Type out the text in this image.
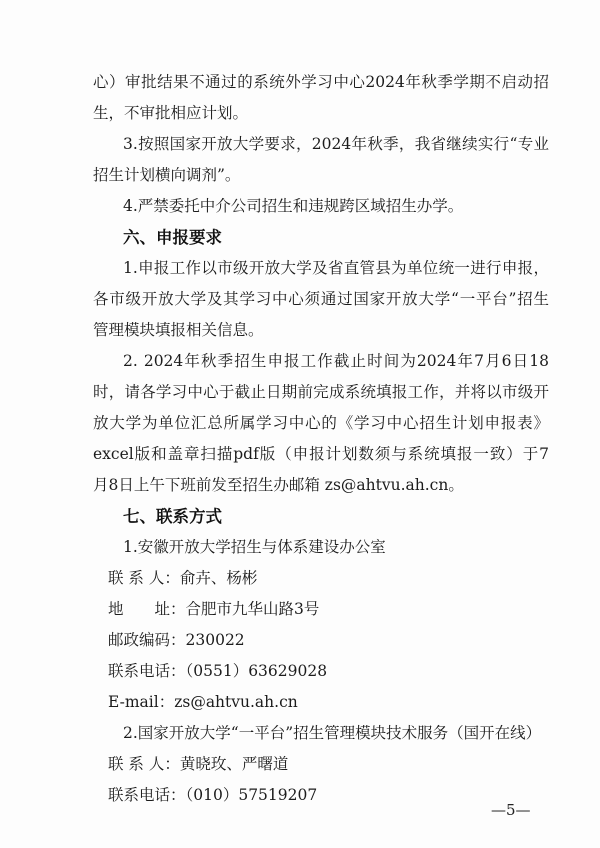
心）审批结果不通过的系统外学习中心2024年秋季学期不启动招
生，不审批相应计划。
3.按照国家开放大学要求，2024年秋季，我省继续实行“专业
招生计划横向调剂”。
4.严禁委托中介公司招生和违规跨区域招生办学。
六、申报要求
1.申报工作以市级开放大学及省直管县为单位统一进行申报，
各市级开放大学及其学习中心须通过国家开放大学“一平台”招生
管理模块填报相关信息。
2. 2024年秋季招生申报工作截止时间为2024年7月6日18
时，请各学习中心于截止日期前完成系统填报工作，并将以市级开
放大学为单位汇总所属学习中心的《学习中心招生计划申报表》
excel版和盖章扫描pdf版（申报计划数须与系统填报一致）于7
月8日上午下班前发至招生办邮箱 zs@ahtvu.ah.cn。
七、联系方式
1.安徽开放大学招生与体系建设办公室
联 系 人：俞卉、杨彬
地　　址：合肥市九华山路3号
邮政编码：230022
联系电话：（0551）63629028
E-mail：zs@ahtvu.ah.cn
2.国家开放大学“一平台”招生管理模块技术服务（国开在线）
联 系 人：黄晓玫、严曙道
联系电话：（010）57519207
—5—
